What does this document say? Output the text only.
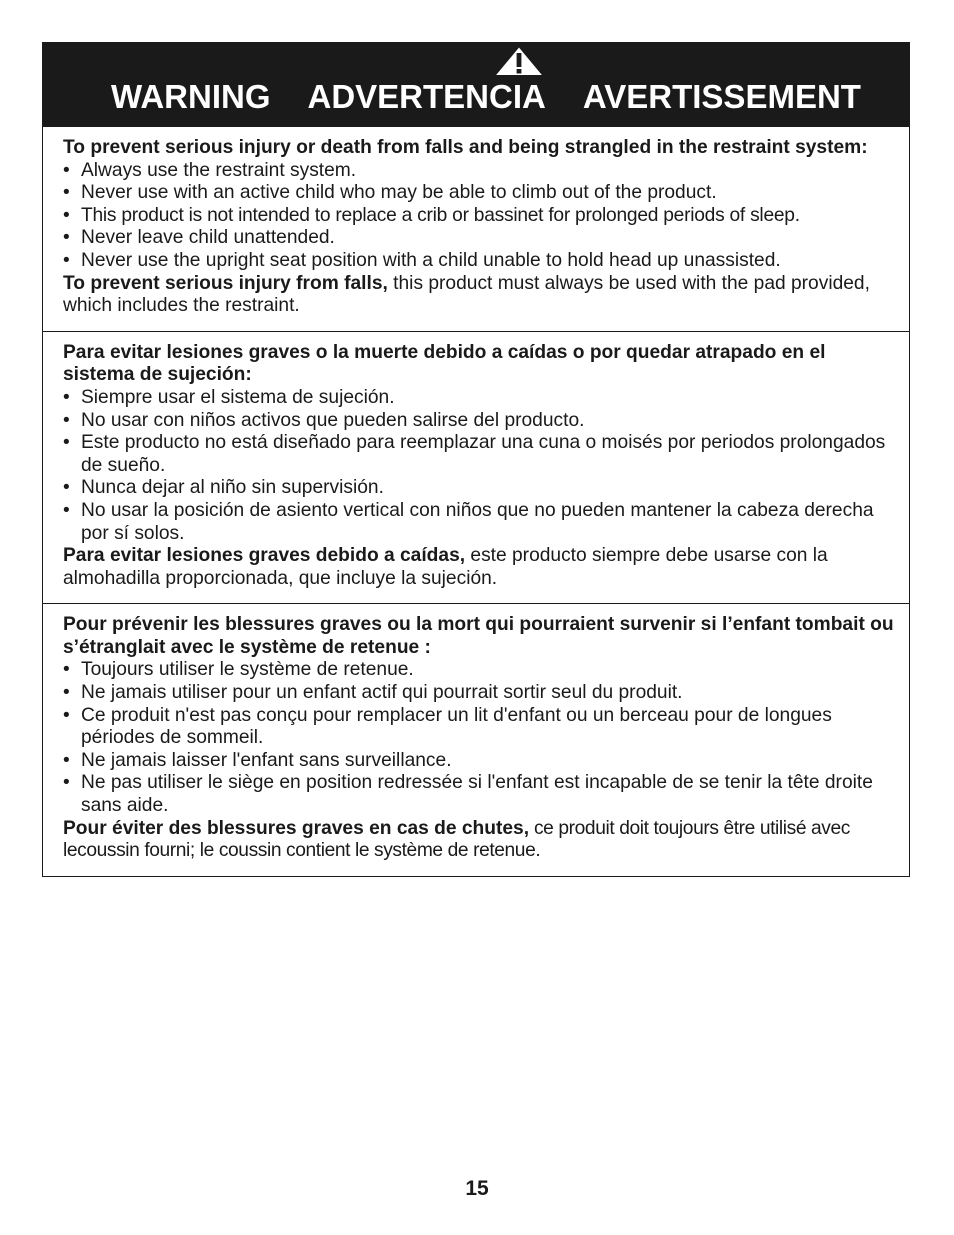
WARNING ADVERTENCIA AVERTISSEMENT
To prevent serious injury or death from falls and being strangled in the restraint system:
• Always use the restraint system.
• Never use with an active child who may be able to climb out of the product.
• This product is not intended to replace a crib or bassinet for prolonged periods of sleep.
• Never leave child unattended.
• Never use the upright seat position with a child unable to hold head up unassisted.
To prevent serious injury from falls, this product must always be used with the pad provided, which includes the restraint.
Para evitar lesiones graves o la muerte debido a caídas o por quedar atrapado en el sistema de sujeción:
• Siempre usar el sistema de sujeción.
• No usar con niños activos que pueden salirse del producto.
• Este producto no está diseñado para reemplazar una cuna o moisés por periodos prolongados de sueño.
• Nunca dejar al niño sin supervisión.
• No usar la posición de asiento vertical con niños que no pueden mantener la cabeza derecha por sí solos.
Para evitar lesiones graves debido a caídas, este producto siempre debe usarse con la almohadilla proporcionada, que incluye la sujeción.
Pour prévenir les blessures graves ou la mort qui pourraient survenir si l’enfant tombait ou s’étranglait avec le système de retenue :
• Toujours utiliser le système de retenue.
• Ne jamais utiliser pour un enfant actif qui pourrait sortir seul du produit.
• Ce produit n'est pas conçu pour remplacer un lit d'enfant ou un berceau pour de longues périodes de sommeil.
• Ne jamais laisser l'enfant sans surveillance.
• Ne pas utiliser le siège en position redressée si l'enfant est incapable de se tenir la tête droite sans aide.
Pour éviter des blessures graves en cas de chutes, ce produit doit toujours être utilisé avec lecoussin fourni; le coussin contient le système de retenue.
15
